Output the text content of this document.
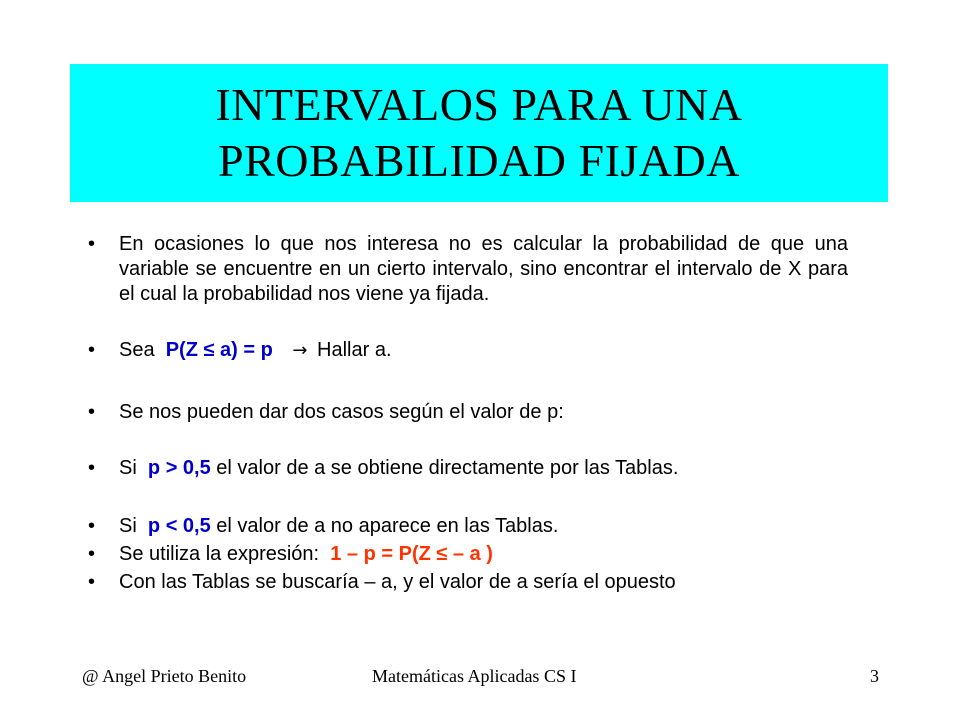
INTERVALOS PARA UNA
PROBABILIDAD FIJADA
• En ocasiones lo que nos interesa no es calcular la probabilidad de que una variable se encuentre en un cierto intervalo, sino encontrar el intervalo de X para el cual la probabilidad nos viene ya fijada.
• Sea P(Z ≤ a) = p → Hallar a.
• Se nos pueden dar dos casos según el valor de p:
• Si p > 0,5 el valor de a se obtiene directamente por las Tablas.
• Si p < 0,5 el valor de a no aparece en las Tablas.
• Se utiliza la expresión: 1 – p = P(Z ≤ – a )
• Con las Tablas se buscaría – a, y el valor de a sería el opuesto
@ Angel Prieto Benito	Matemáticas Aplicadas CS I	3
